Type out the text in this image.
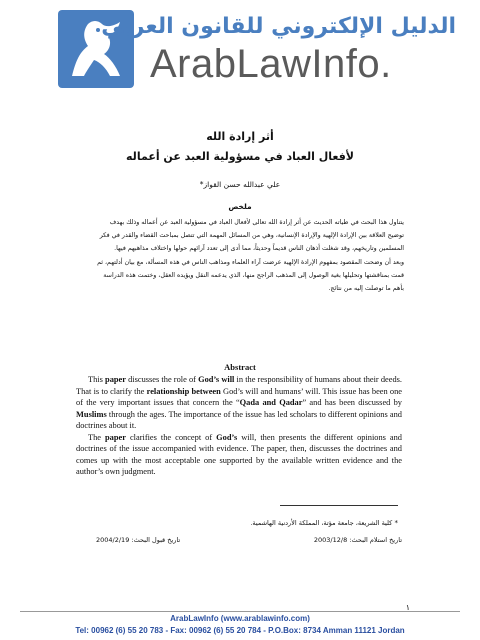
الدليل الإلكتروني للقانون العربي
ArabLawInfo.
أثر إرادة الله
لأفعال العباد في مسؤولية العبد عن أعماله
علي عبدالله حسن القواز*
ملخص
يتناول هذا البحث في طياته الحديث عن أثر إرادة الله تعالى لأفعال العباد في مسؤولية العبد عن أعماله وذلك بهدف
توضيح العلاقة بين الإرادة الإلهية والإرادة الإنسانية، وهي من المسائل المهمة التي تتصل بمباحث القضاء والقدر في فكر
المسلمين وتاريخهم، وقد شغلت أذهان الناس قديماً وحديثاً، مما أدى إلى تعدد آرائهم حولها واختلاف مذاهبهم فيها.
وبعد أن وضحت المقصود بمفهوم الإرادة الإلهية عرضت آراء العلماء ومذاهب الناس في هذه المسألة، مع بيان أدلتهم، ثم
قمت بمناقشتها وتحليلها بغية الوصول إلى المذهب الراجح منها، الذي يدعمه النقل ويؤيده العقل، وختمت هذه الدراسة
بأهم ما توصلت إليه من نتائج.
Abstract

This paper discusses the role of God’s will in the responsibility of humans about their deeds. That is to clarify the relationship between God’s will and humans’ will. This issue has been one of the very important issues that concern the “Qada and Qadar” and has been discussed by Muslims through the ages. The importance of the issue has led scholars to different opinions and doctrines about it.

The paper clarifies the concept of God’s will, then presents the different opinions and doctrines of the issue accompanied with evidence. The paper, then, discusses the doctrines and comes up with the most acceptable one supported by the available written evidence and the author’s own judgment.

* كلية الشريعة، جامعة مؤتة، المملكة الأردنية الهاشمية.
تاريخ استلام البحث: 2003/12/8
تاريخ قبول البحث: 2004/2/19
١
ArabLawInfo (www.arablawinfo.com)
Tel: 00962 (6) 55 20 783 - Fax: 00962 (6) 55 20 784 - P.O.Box: 8734 Amman 11121 Jordan
